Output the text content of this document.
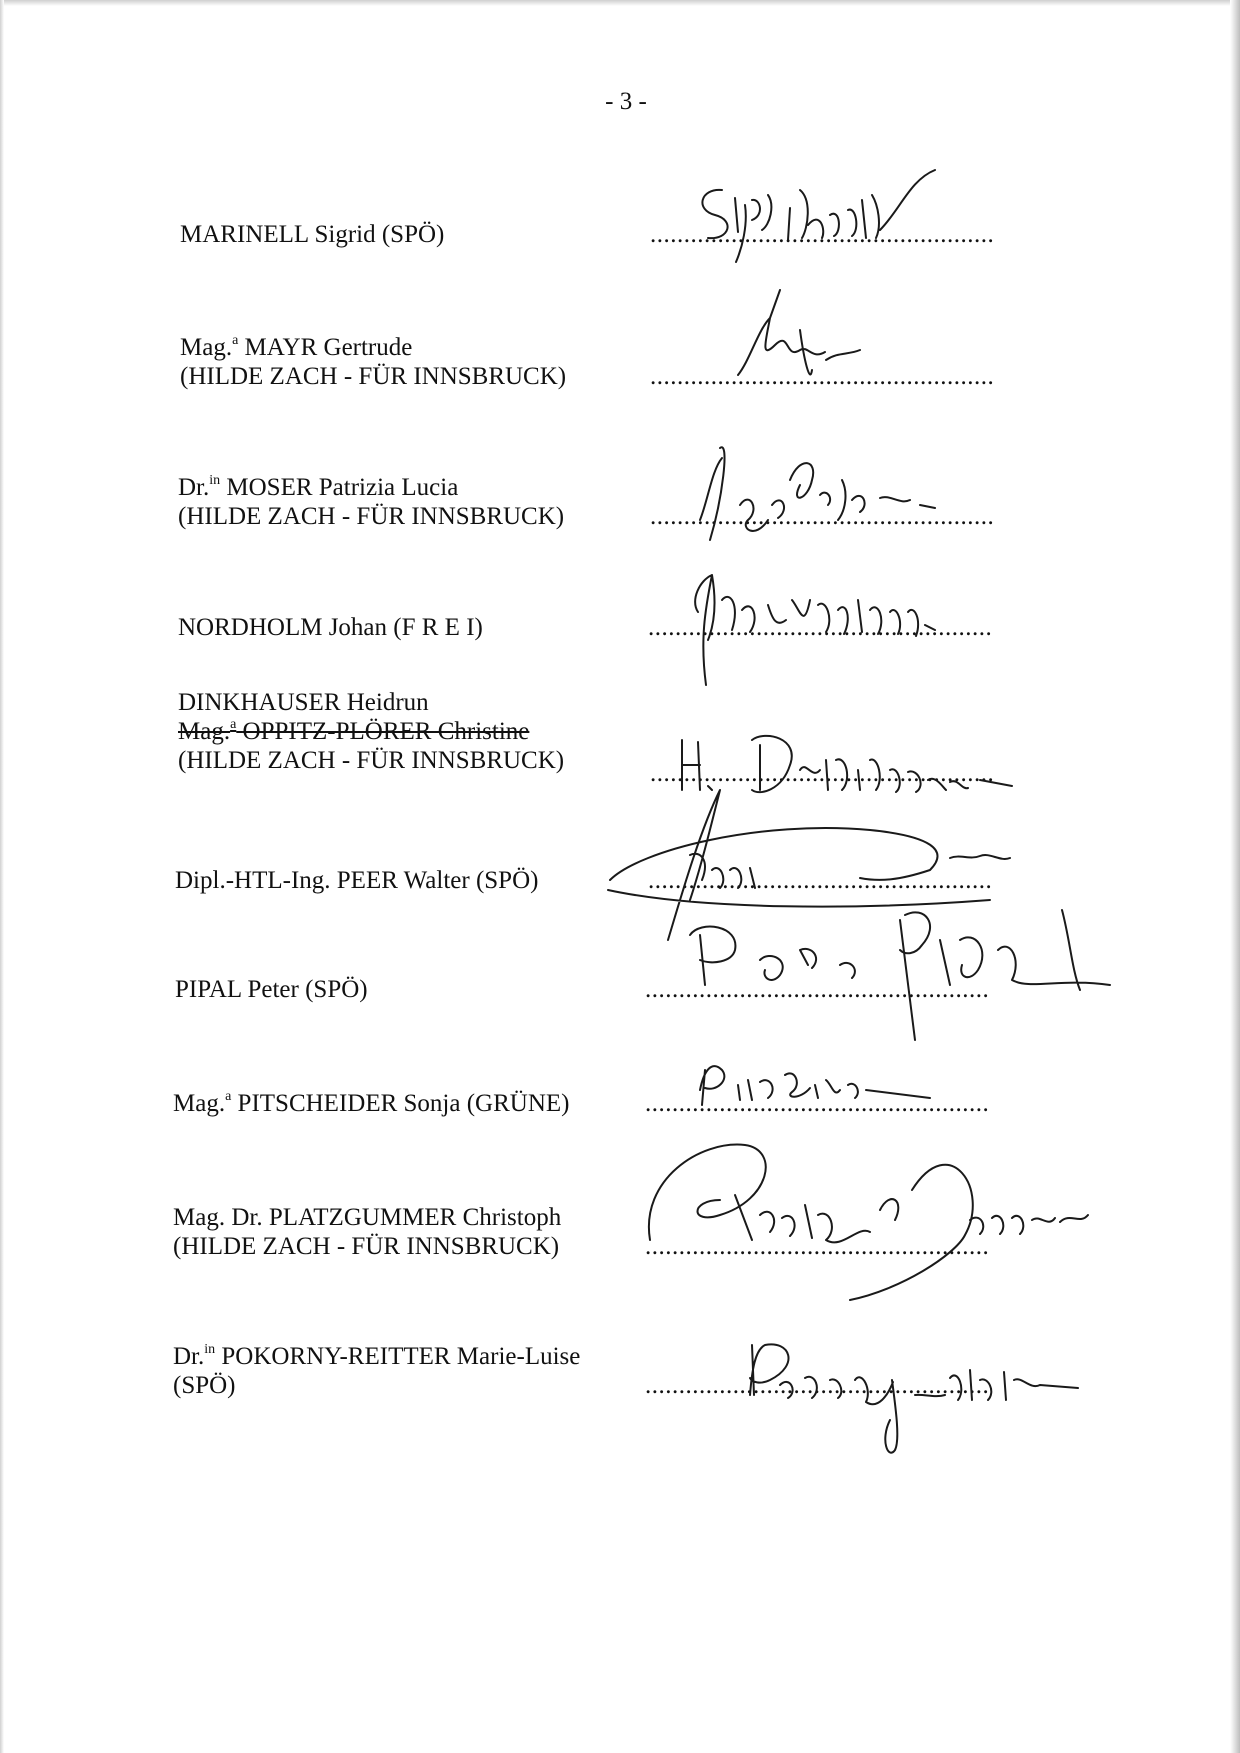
- 3 -
MARINELL Sigrid (SPÖ)	...................................................
Mag.$^a$ MAYR Gertrude
(HILDE ZACH - FÜR INNSBRUCK)	...................................................
Dr.$^{in}$ MOSER Patrizia Lucia
(HILDE ZACH - FÜR INNSBRUCK)	...................................................
NORDHOLM Johan (F R E I)	...................................................
DINKHAUSER Heidrun
Mag.$^a$ OPPITZ-PLÖRER Christine
(HILDE ZACH - FÜR INNSBRUCK)	...................................................
Dipl.-HTL-Ing. PEER Walter (SPÖ)	...................................................
PIPAL Peter (SPÖ)	...................................................
Mag.$^a$ PITSCHEIDER Sonja (GRÜNE)	...................................................
Mag. Dr. PLATZGUMMER Christoph
(HILDE ZACH - FÜR INNSBRUCK)	...................................................
Dr.$^{in}$ POKORNY-REITTER Marie-Luise
(SPÖ)	...................................................
